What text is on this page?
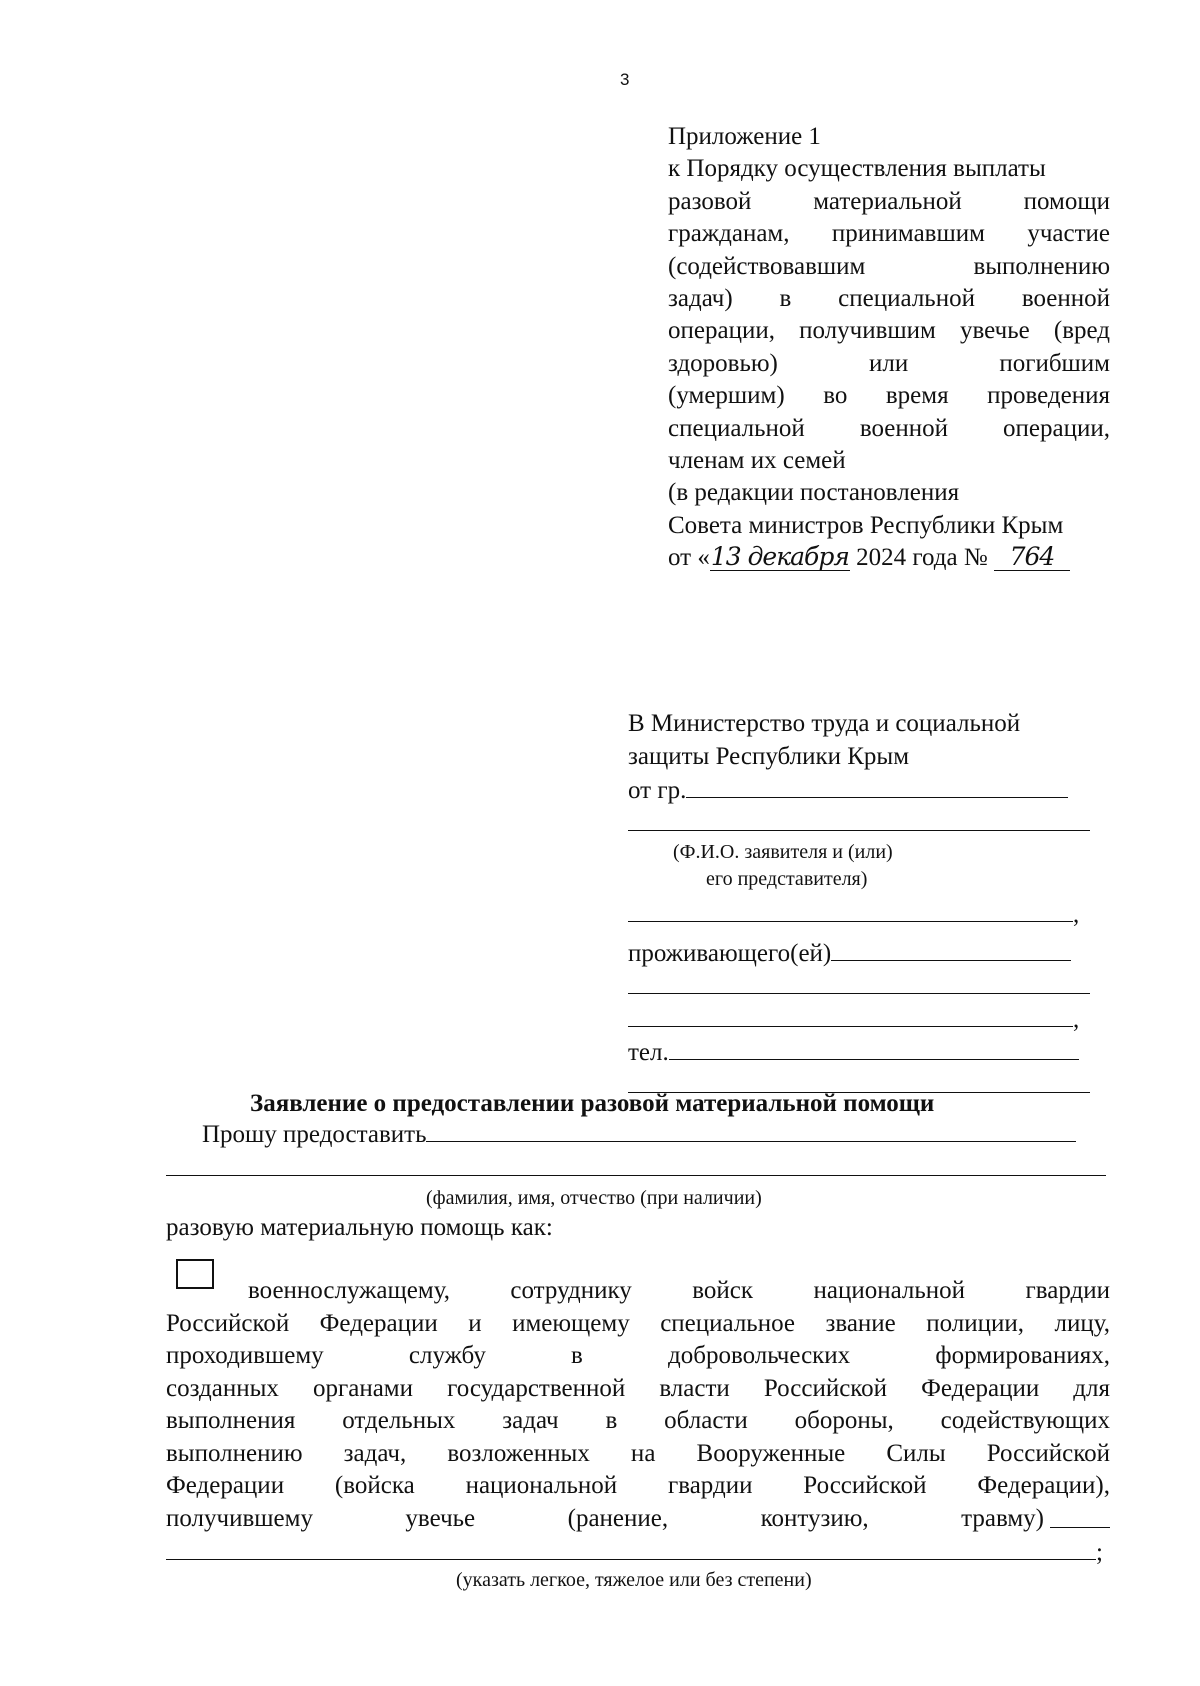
3
Приложение 1
к Порядку осуществления выплаты
разовой материальной помощи
гражданам, принимавшим участие
(содействовавшим выполнению
задач) в специальной военной
операции, получившим увечье (вред
здоровью) или погибшим
(умершим) во время проведения
специальной военной операции,
членам их семей
(в редакции постановления
Совета министров Республики Крым
от «13 декабря 2024 года № 764
В Министерство труда и социальной
защиты Республики Крым
от гр.
(Ф.И.О. заявителя и (или)
его представителя)
,
проживающего(ей)
,
тел.
Заявление о предоставлении разовой материальной помощи
Прошу предоставить
(фамилия, имя, отчество (при наличии)
разовую материальную помощь как:
военнослужащему, сотруднику войск национальной гвардии
Российской Федерации и имеющему специальное звание полиции, лицу,
проходившему службу в добровольческих формированиях,
созданных органами государственной власти Российской Федерации для
выполнения отдельных задач в области обороны, содействующих
выполнению задач, возложенных на Вооруженные Силы Российской
Федерации (войска национальной гвардии Российской Федерации),
получившему увечье (ранение, контузию, травму)
;
(указать легкое, тяжелое или без степени)
